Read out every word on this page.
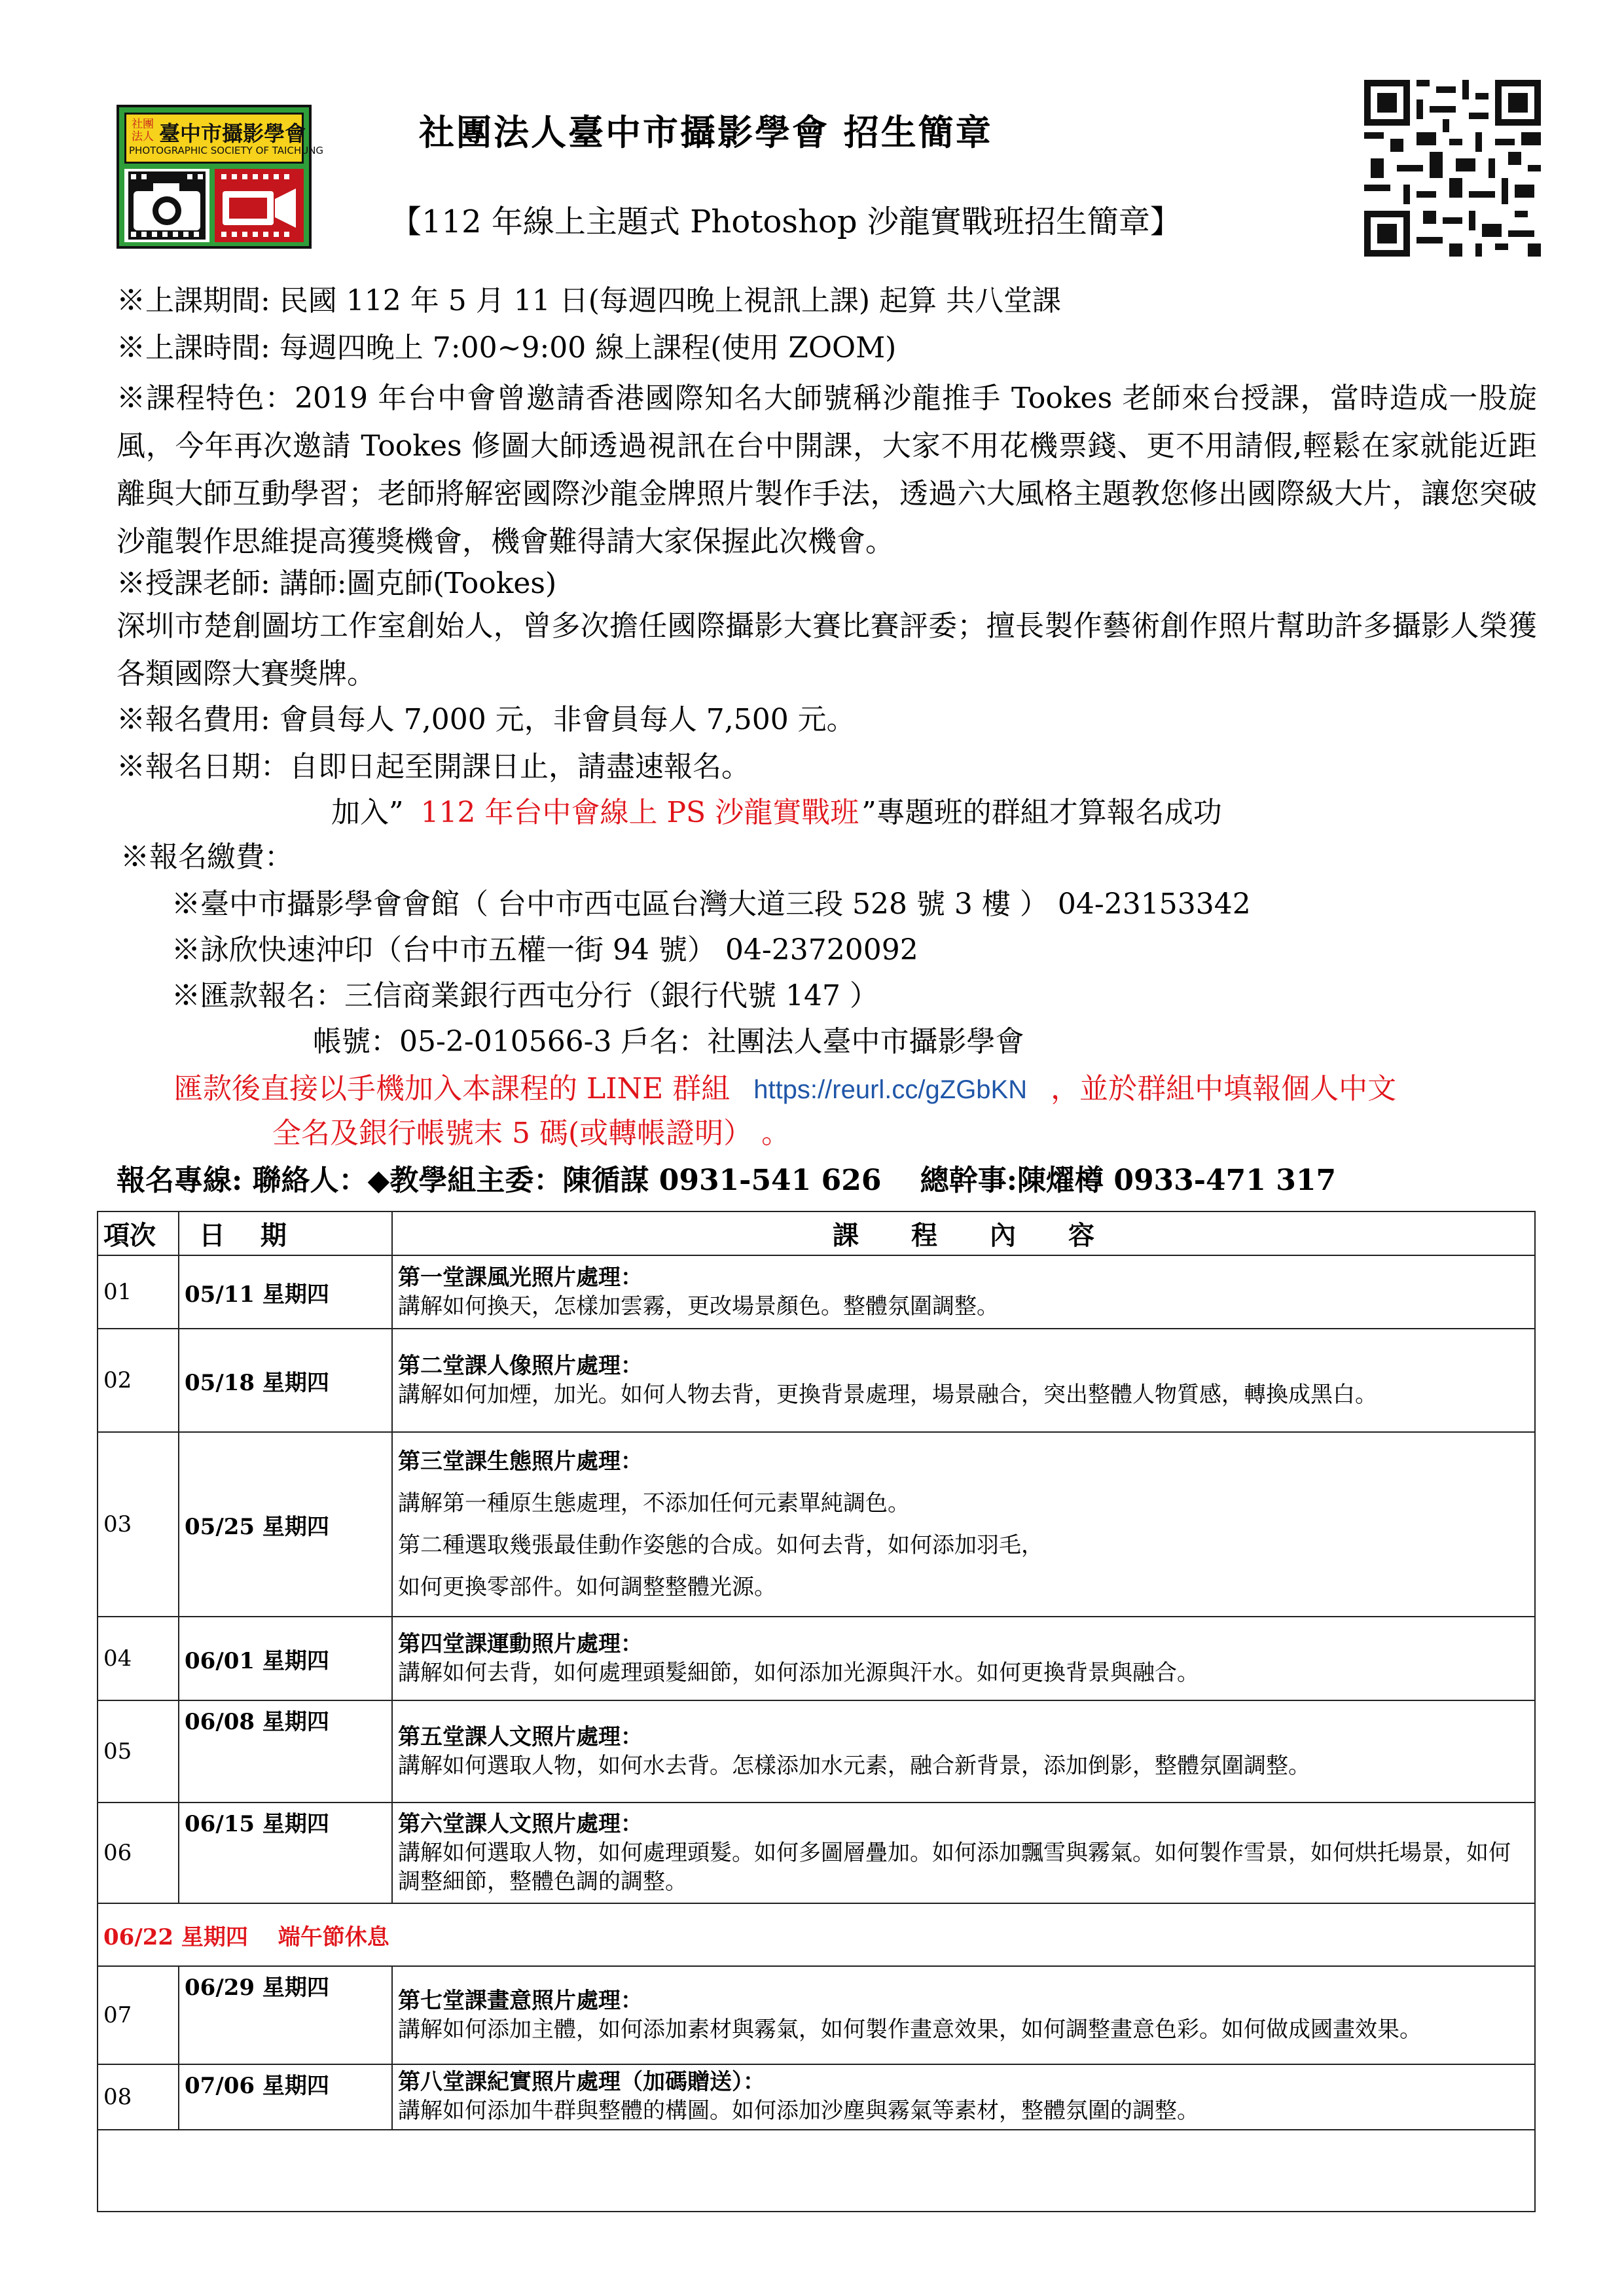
社團法人 臺中市攝影學會
PHOTOGRAPHIC SOCIETY OF TAICHUNG	社團法人臺中市攝影學會 招生簡章
【112 年線上主題式 Photoshop 沙龍實戰班招生簡章】
※上課期間: 民國 112 年 5 月 11 日(每週四晚上視訊上課) 起算 共八堂課
※上課時間: 每週四晚上 7:00~9:00 線上課程(使用 ZOOM)
※課程特色：2019 年台中會曾邀請香港國際知名大師號稱沙龍推手 Tookes 老師來台授課，當時造成一股旋風，今年再次邀請 Tookes 修圖大師透過視訊在台中開課，大家不用花機票錢、更不用請假,輕鬆在家就能近距離與大師互動學習；老師將解密國際沙龍金牌照片製作手法，透過六大風格主題教您修出國際級大片，讓您突破沙龍製作思維提高獲獎機會，機會難得請大家保握此次機會。
※授課老師: 講師:圖克師(Tookes)
深圳市楚創圖坊工作室創始人，曾多次擔任國際攝影大賽比賽評委；擅長製作藝術創作照片幫助許多攝影人榮獲各類國際大賽獎牌。
※報名費用: 會員每人 7,000 元，非會員每人 7,500 元。
※報名日期：自即日起至開課日止，請盡速報名。
加入” 112 年台中會線上 PS 沙龍實戰班”專題班的群組才算報名成功
※報名繳費：
※臺中市攝影學會會館（ 台中市西屯區台灣大道三段 528 號 3 樓 ） 04-23153342
※詠欣快速沖印（台中市五權一街 94 號） 04-23720092
※匯款報名：三信商業銀行西屯分行（銀行代號 147 ）
帳號：05-2-010566-3 戶名：社團法人臺中市攝影學會
匯款後直接以手機加入本課程的 LINE 群組 https://reurl.cc/gZGbKN ，並於群組中填報個人中文
全名及銀行帳號末 5 碼(或轉帳證明） 。
報名專線: 聯絡人：◆教學組主委：陳循謀 0931-541 626　 總幹事:陳燿樽 0933-471 317
項次	日　 期	課　　程　　內　　容
01	05/11 星期四	第一堂課風光照片處理：
講解如何換天，怎樣加雲霧，更改場景顏色。整體氛圍調整。

02	05/18 星期四	第二堂課人像照片處理：
講解如何加煙，加光。如何人物去背，更換背景處理，場景融合，突出整體人物質感，轉換成黑白。

03	05/25 星期四	第三堂課生態照片處理：
講解第一種原生態處理，不添加任何元素單純調色。
第二種選取幾張最佳動作姿態的合成。如何去背，如何添加羽毛，
如何更換零部件。如何調整整體光源。

04	06/01 星期四	第四堂課運動照片處理：
講解如何去背，如何處理頭髮細節，如何添加光源與汗水。如何更換背景與融合。

05	06/08 星期四	第五堂課人文照片處理：
講解如何選取人物，如何水去背。怎樣添加水元素，融合新背景，添加倒影，整體氛圍調整。

06	06/15 星期四	第六堂課人文照片處理：
講解如何選取人物，如何處理頭髮。如何多圖層疊加。如何添加飄雪與霧氣。如何製作雪景，如何烘托場景，如何調整細節，整體色調的調整。

06/22 星期四　 端午節休息		
07	06/29 星期四	第七堂課畫意照片處理：
講解如何添加主體，如何添加素材與霧氣，如何製作畫意效果，如何調整畫意色彩。如何做成國畫效果。

08	07/06 星期四	第八堂課紀實照片處理（加碼贈送）：
講解如何添加牛群與整體的構圖。如何添加沙塵與霧氣等素材，整體氛圍的調整。
